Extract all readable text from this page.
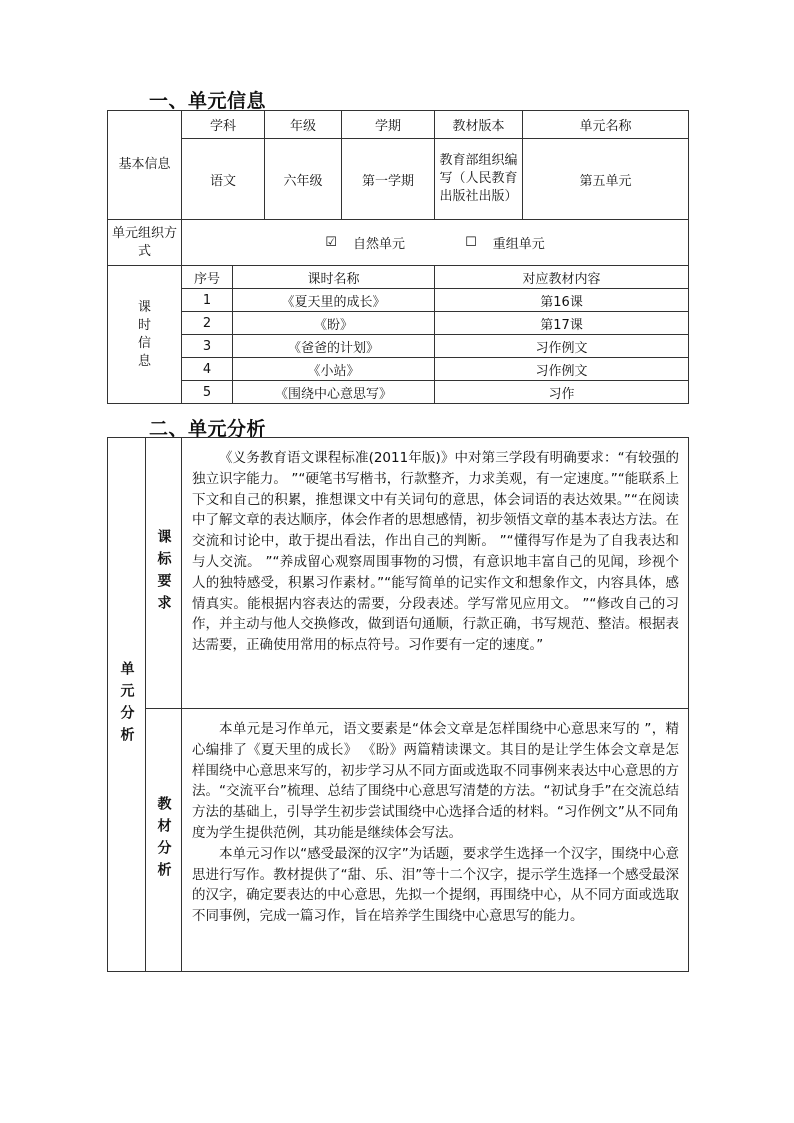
一、单元信息
基本信息	学科		年级	学期	教材版本	单元名称
	语文		六年级	第一学期	教育部组织编写（人民教育出版社出版）	第五单元
单元组织方式	☑ 自然单元
☐ 重组单元					

课时信息	序号	课时名称			对应教材内容	
	1	《夏天里的成长》			第16课	
	2	《盼》			第17课	
	3	《爸爸的计划》			习作例文	
	4	《小站》			习作例文	
	5	《围绕中心意思写》			习作	
二、单元分析
单元分析	课标要求	《义务教育语文课程标准(2011年版)》中对第三学段有明确要求：“有较强的独立识字能力。 ”“硬笔书写楷书，行款整齐，力求美观，有一定速度。”“能联系上下文和自己的积累，推想课文中有关词句的意思，体会词语的表达效果。”“在阅读中了解文章的表达顺序，体会作者的思想感情，初步领悟文章的基本表达方法。在交流和讨论中，敢于提出看法，作出自己的判断。 ”“懂得写作是为了自我表达和与人交流。 ”“养成留心观察周围事物的习惯，有意识地丰富自己的见闻，珍视个人的独特感受，积累习作素材。”“能写简单的记实作文和想象作文，内容具体，感情真实。能根据内容表达的需要，分段表述。学写常见应用文。 ”“修改自己的习作，并主动与他人交换修改，做到语句通顺，行款正确，书写规范、整洁。根据表达需要，正确使用常用的标点符号。习作要有一定的速度。”

	教材分析	本单元是习作单元，语文要素是“体会文章是怎样围绕中心意思来写的 ”，精心编排了《夏天里的成长》 《盼》两篇精读课文。其目的是让学生体会文章是怎样围绕中心意思来写的，初步学习从不同方面或选取不同事例来表达中心意思的方法。“交流平台”梳理、总结了围绕中心意思写清楚的方法。“初试身手”在交流总结方法的基础上，引导学生初步尝试围绕中心选择合适的材料。“习作例文”从不同角度为学生提供范例，其功能是继续体会写法。

本单元习作以“感受最深的汉字”为话题，要求学生选择一个汉字，围绕中心意思进行写作。教材提供了“甜、乐、泪”等十二个汉字，提示学生选择一个感受最深的汉字，确定要表达的中心意思，先拟一个提纲，再围绕中心，从不同方面或选取不同事例，完成一篇习作，旨在培养学生围绕中心意思写的能力。
